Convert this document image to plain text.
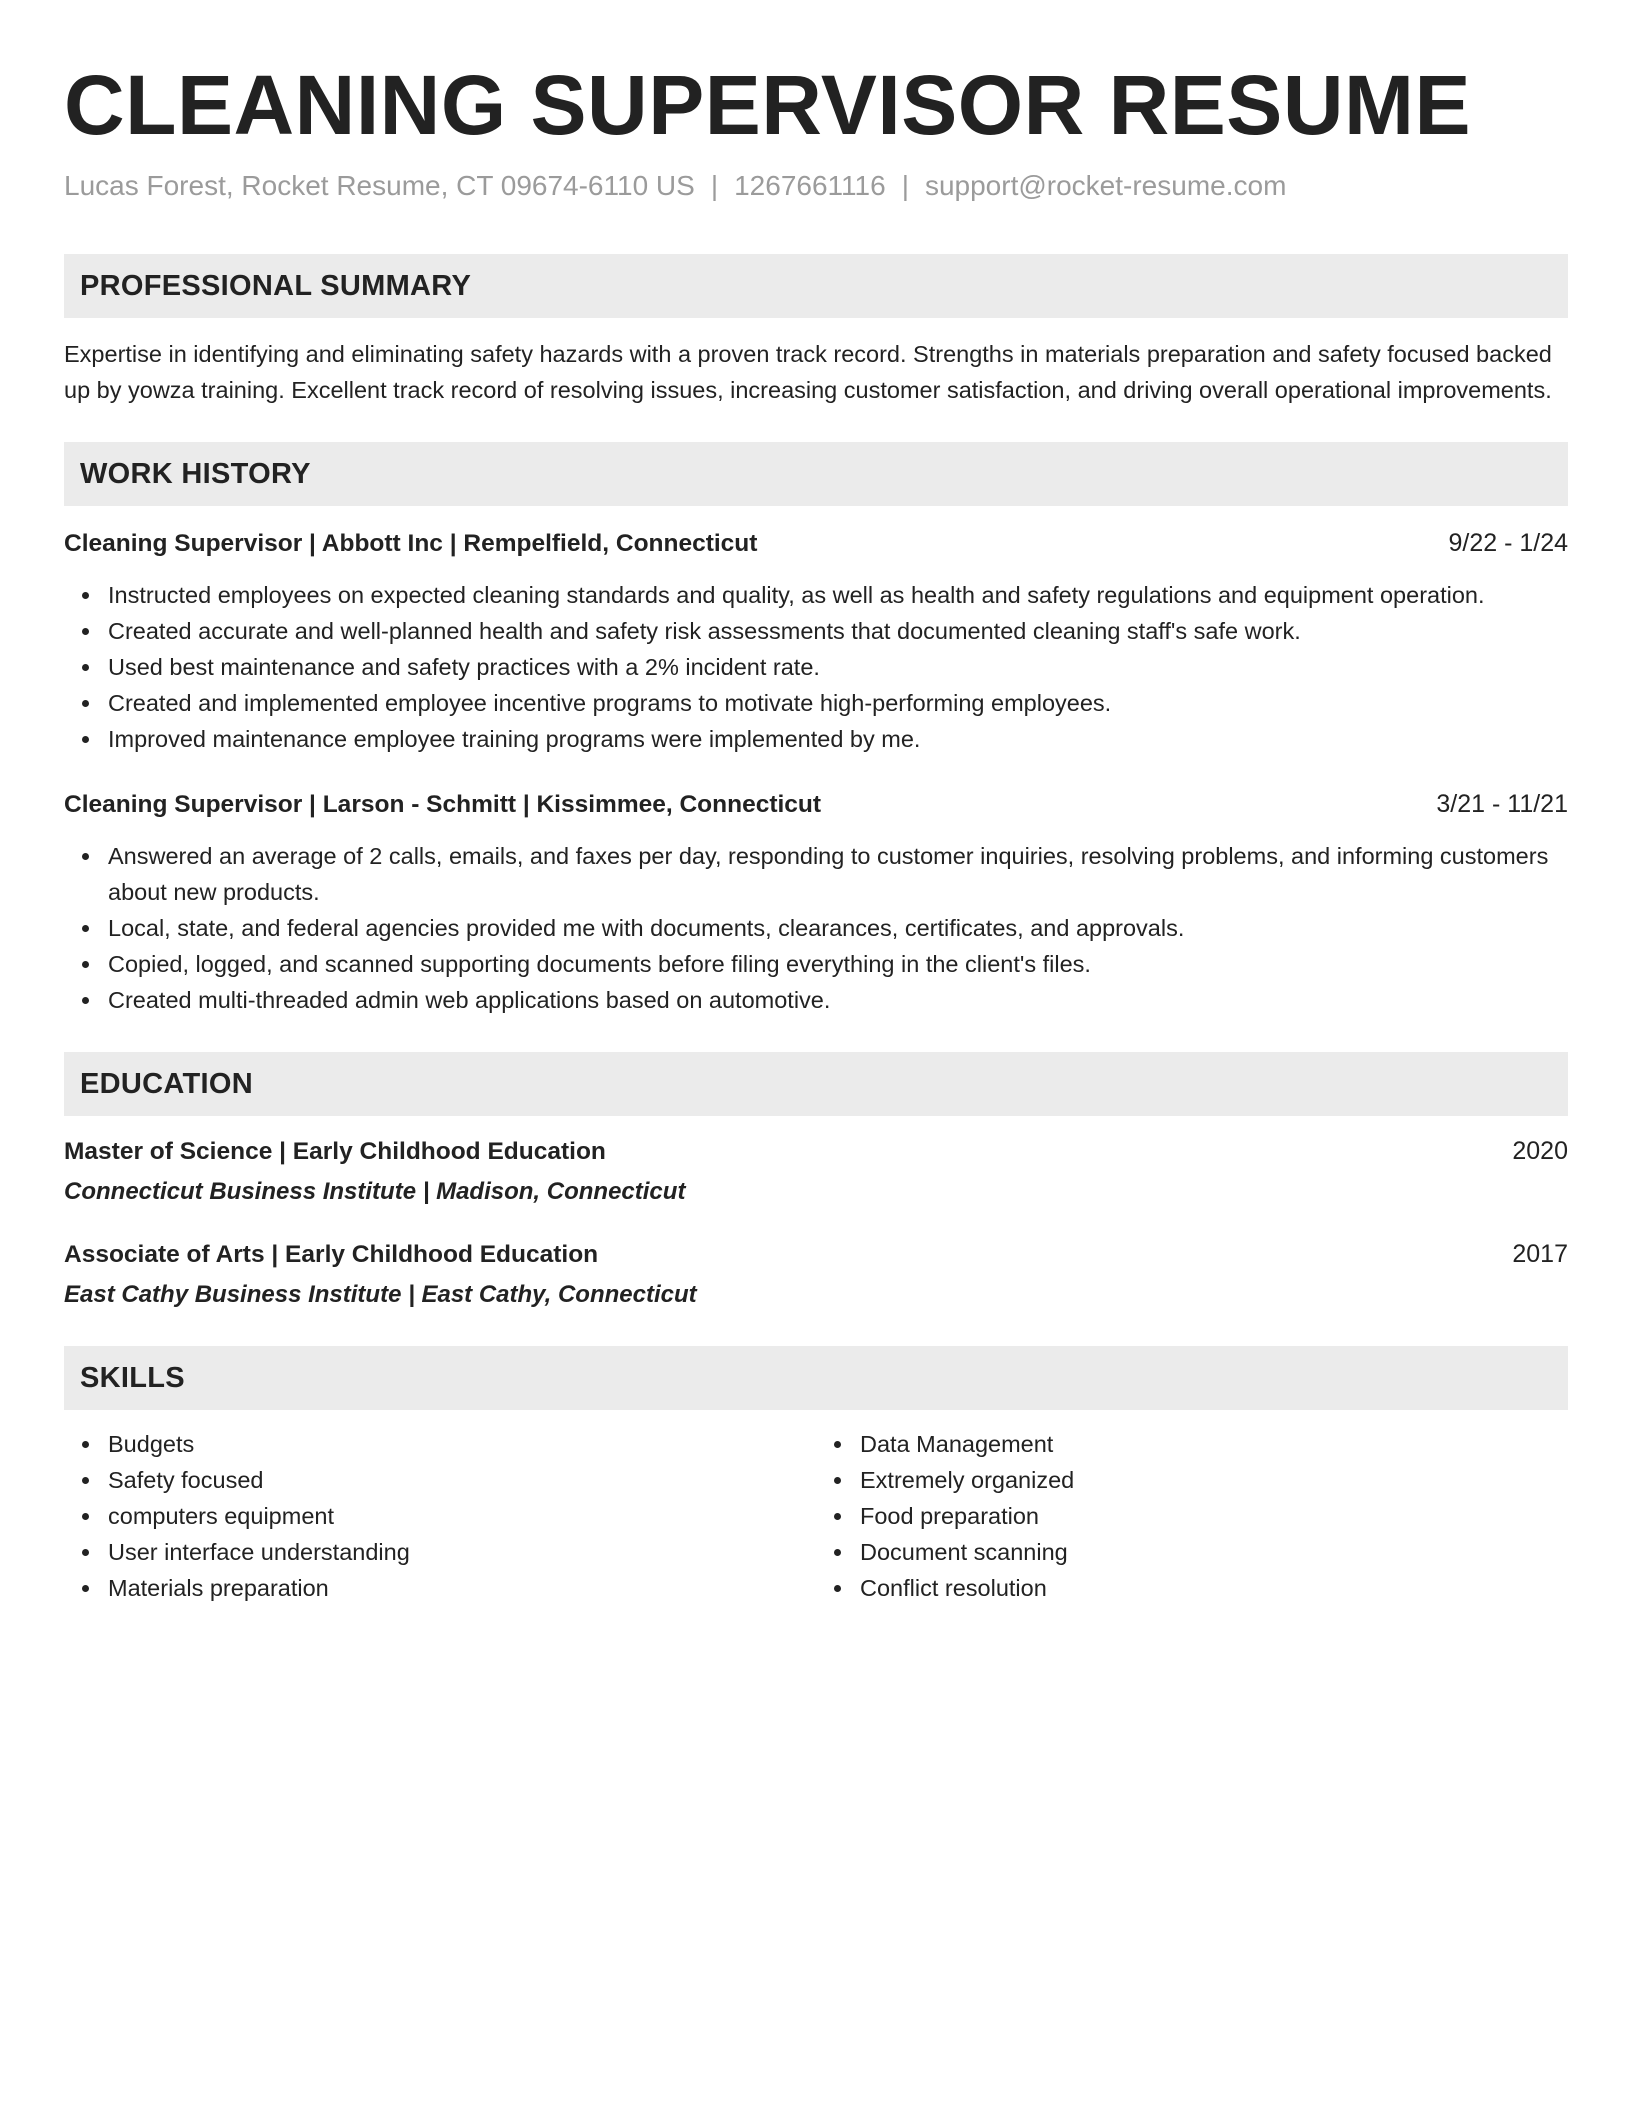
CLEANING SUPERVISOR RESUME
Lucas Forest, Rocket Resume, CT 09674-6110 US | 1267661116 | support@rocket-resume.com
PROFESSIONAL SUMMARY
Expertise in identifying and eliminating safety hazards with a proven track record. Strengths in materials preparation and safety focused backed up by yowza training. Excellent track record of resolving issues, increasing customer satisfaction, and driving overall operational improvements.
WORK HISTORY
Cleaning Supervisor | Abbott Inc | Rempelfield, Connecticut	9/22 - 1/24
Instructed employees on expected cleaning standards and quality, as well as health and safety regulations and equipment operation.
Created accurate and well-planned health and safety risk assessments that documented cleaning staff's safe work.
Used best maintenance and safety practices with a 2% incident rate.
Created and implemented employee incentive programs to motivate high-performing employees.
Improved maintenance employee training programs were implemented by me.
Cleaning Supervisor | Larson - Schmitt | Kissimmee, Connecticut	3/21 - 11/21
Answered an average of 2 calls, emails, and faxes per day, responding to customer inquiries, resolving problems, and informing customers about new products.
Local, state, and federal agencies provided me with documents, clearances, certificates, and approvals.
Copied, logged, and scanned supporting documents before filing everything in the client's files.
Created multi-threaded admin web applications based on automotive.
EDUCATION
Master of Science | Early Childhood Education	2020
Connecticut Business Institute | Madison, Connecticut
Associate of Arts | Early Childhood Education	2017
East Cathy Business Institute | East Cathy, Connecticut
SKILLS
Budgets
Safety focused
computers equipment
User interface understanding
Materials preparation
Data Management
Extremely organized
Food preparation
Document scanning
Conflict resolution
